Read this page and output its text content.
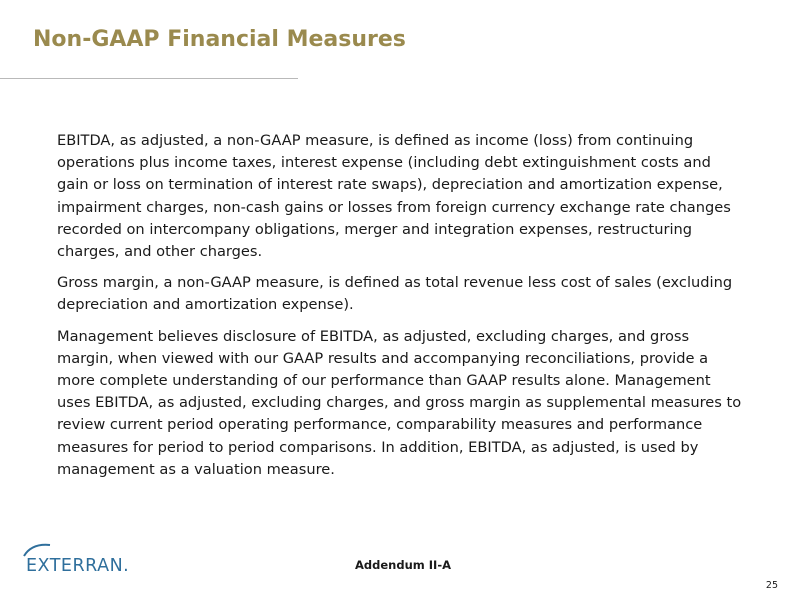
Non-GAAP Financial Measures

EBITDA, as adjusted, a non-GAAP measure, is defined as income (loss) from continuing operations plus income taxes, interest expense (including debt extinguishment costs and gain or loss on termination of interest rate swaps), depreciation and amortization expense, impairment charges, non-cash gains or losses from foreign currency exchange rate changes recorded on intercompany obligations, merger and integration expenses, restructuring charges, and other charges.

Gross margin, a non-GAAP measure, is defined as total revenue less cost of sales (excluding depreciation and amortization expense).

Management believes disclosure of EBITDA, as adjusted, excluding charges, and gross margin, when viewed with our GAAP results and accompanying reconciliations, provide a more complete understanding of our performance than GAAP results alone. Management uses EBITDA, as adjusted, excluding charges, and gross margin as supplemental measures to review current period operating performance, comparability measures and performance measures for period to period comparisons. In addition, EBITDA, as adjusted, is used by management as a valuation measure.

EXTERRAN.	Addendum II-A
25
